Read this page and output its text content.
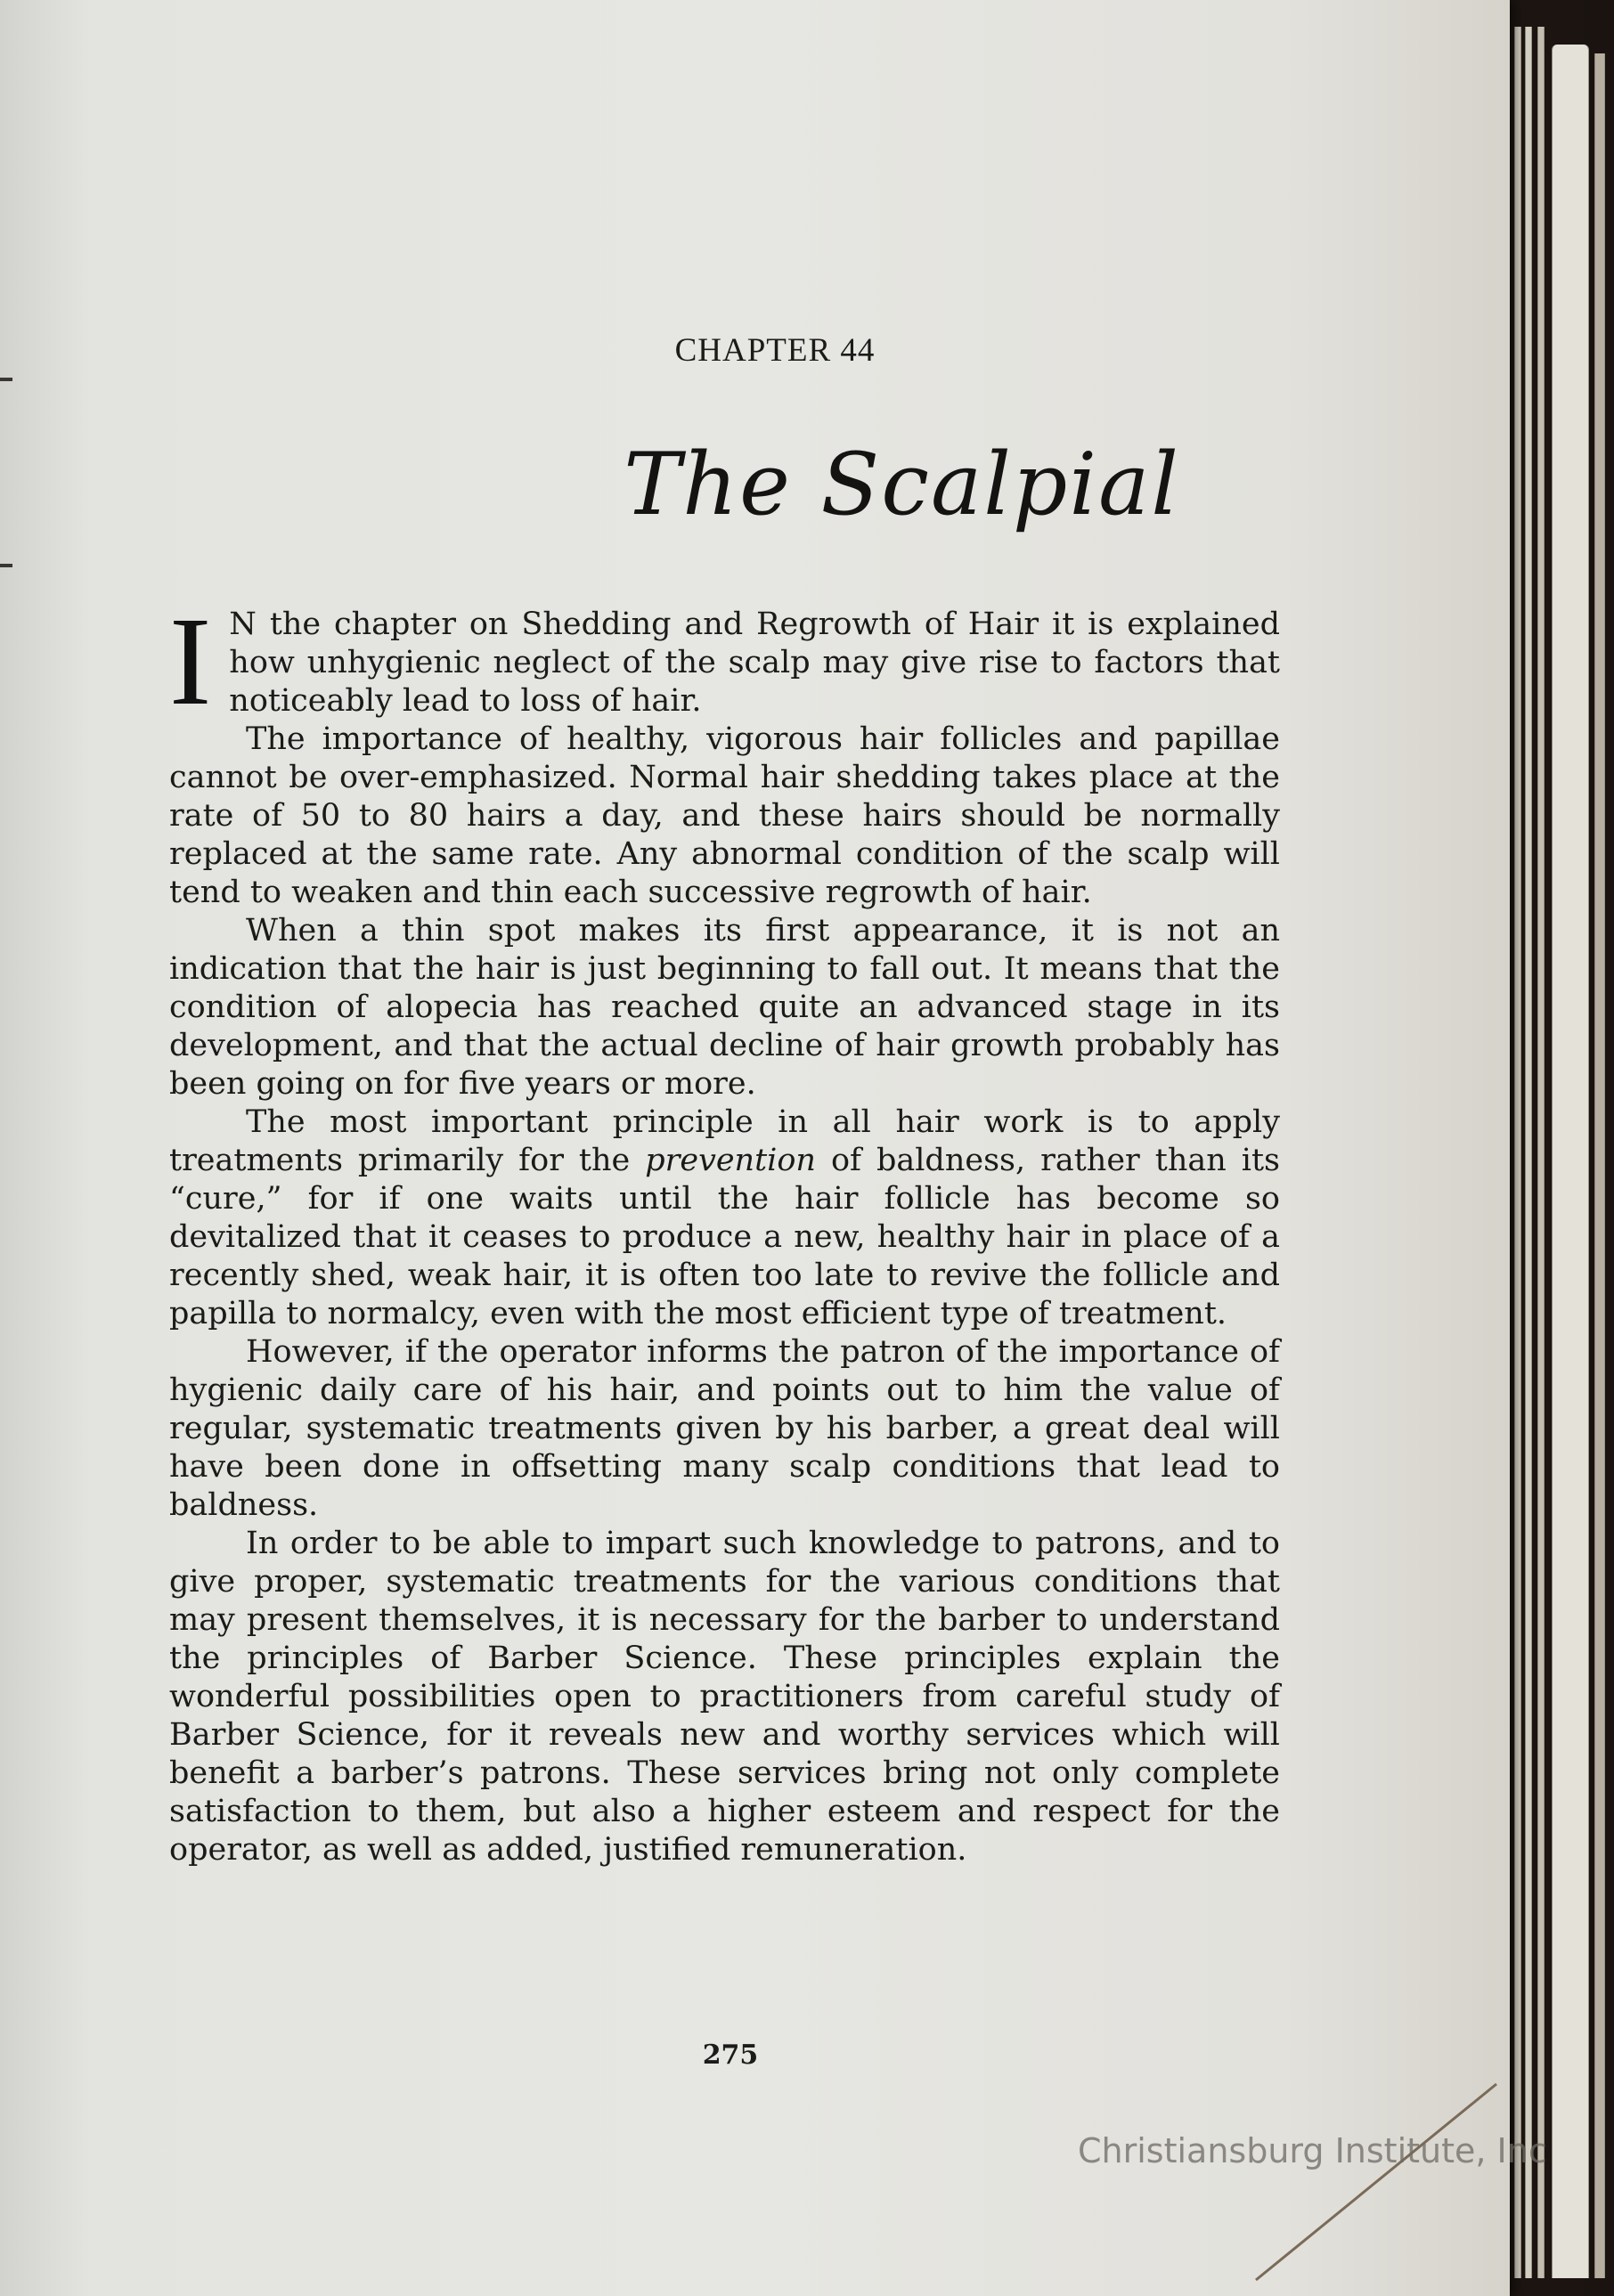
CHAPTER 44
The Scalpial

I N the chapter on Shedding and Regrowth of Hair it is explained how unhygienic neglect of the scalp may give rise to factors that noticeably lead to loss of hair.

The importance of healthy, vigorous hair follicles and papillae cannot be over-emphasized. Normal hair shedding takes place at the rate of 50 to 80 hairs a day, and these hairs should be normally replaced at the same rate. Any abnormal condition of the scalp will tend to weaken and thin each successive regrowth of hair.

When a thin spot makes its first appearance, it is not an indication that the hair is just beginning to fall out. It means that the condition of alopecia has reached quite an advanced stage in its development, and that the actual decline of hair growth probably has been going on for five years or more.

The most important principle in all hair work is to apply treatments primarily for the prevention of baldness, rather than its “cure,” for if one waits until the hair follicle has become so devitalized that it ceases to produce a new, healthy hair in place of a recently shed, weak hair, it is often too late to revive the follicle and papilla to normalcy, even with the most efficient type of treatment.

However, if the operator informs the patron of the importance of hygienic daily care of his hair, and points out to him the value of regular, systematic treatments given by his barber, a great deal will have been done in offsetting many scalp conditions that lead to baldness.

In order to be able to impart such knowledge to patrons, and to give proper, systematic treatments for the various conditions that may present themselves, it is necessary for the barber to understand the principles of Barber Science. These principles explain the wonderful possibilities open to practitioners from careful study of Barber Science, for it reveals new and worthy services which will benefit a barber’s patrons. These services bring not only complete satisfaction to them, but also a higher esteem and respect for the operator, as well as added, justified remuneration.

275
Christiansburg Institute, Inc
